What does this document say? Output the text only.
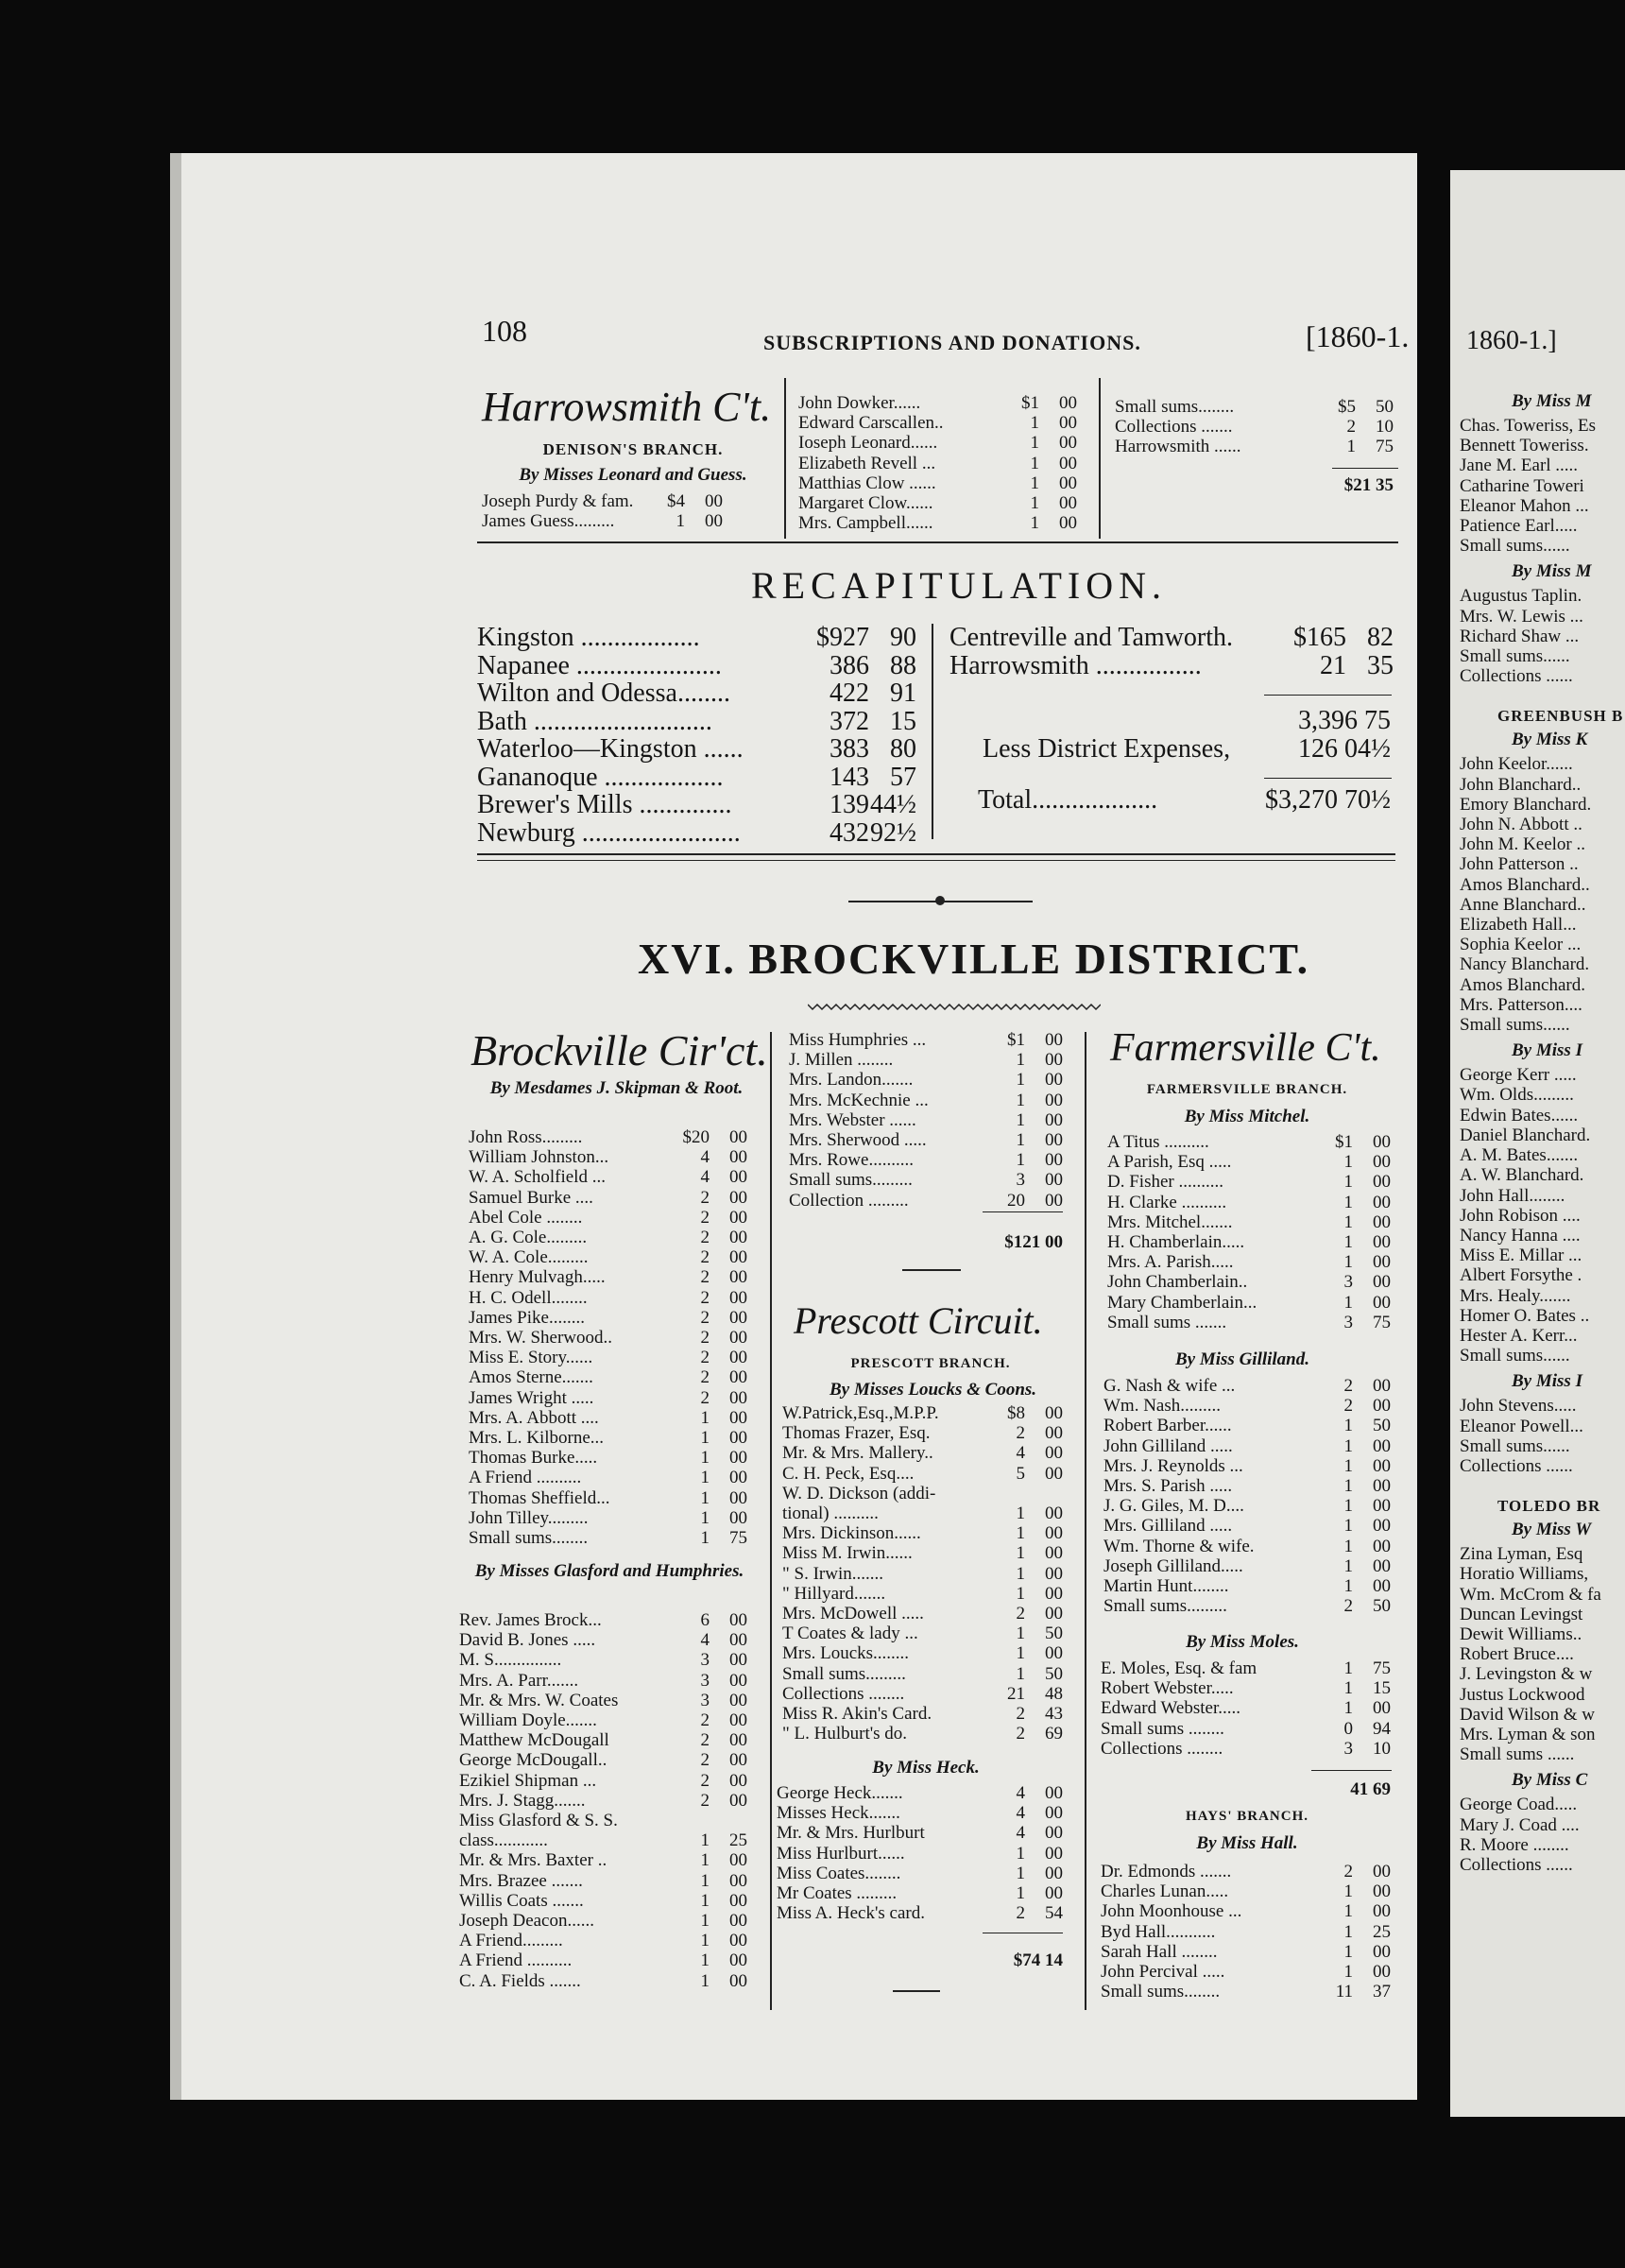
108	SUBSCRIPTIONS AND DONATIONS.	[1860-1.
Harrowsmith C't.
DENISON'S BRANCH.
By Misses Leonard and Guess.
Joseph Purdy & fam.	$4	00
James Guess.........	1	00
John Dowker......	$1	00
Edward Carscallen..	1	00
Ioseph Leonard......	1	00
Elizabeth Revell ...	1	00
Matthias Clow ......	1	00
Margaret Clow......	1	00
Mrs. Campbell......	1	00
Small sums........	$5	50
Collections .......	2	10
Harrowsmith ......	1	75
$21 35
RECAPITULATION.
Kingston ..................	$927 90
Napanee ......................	386 88
Wilton and Odessa........	422 91
Bath ...........................	372 15
Waterloo—Kingston ......	383 80
Gananoque ..................	143 57
Brewer's Mills ..............	139 44½
Newburg ........................	432 92½
Centreville and Tamworth.	$165 82
Harrowsmith ................	21 35
3,396 75
Less District Expenses,	126 04½
Total...................	$3,270 70½
XVI. BROCKVILLE DISTRICT.
Brockville Cir'ct.
By Mesdames J. Skipman & Root.
John Ross.........	$20	00
William Johnston...	4	00
W. A. Scholfield ...	4	00
Samuel Burke ....	2	00
Abel Cole ........	2	00
A. G. Cole.........	2	00
W. A. Cole.........	2	00
Henry Mulvagh.....	2	00
H. C. Odell........	2	00
James Pike........	2	00
Mrs. W. Sherwood..	2	00
Miss E. Story......	2	00
Amos Sterne.......	2	00
James Wright .....	2	00
Mrs. A. Abbott ....	1	00
Mrs. L. Kilborne...	1	00
Thomas Burke.....	1	00
A Friend ..........	1	00
Thomas Sheffield...	1	00
John Tilley.........	1	00
Small sums........	1	75
By Misses Glasford and Humphries.
Rev. James Brock...	6	00
David B. Jones .....	4	00
M. S...............	3	00
Mrs. A. Parr.......	3	00
Mr. & Mrs. W. Coates	3	00
William Doyle.......	2	00
Matthew McDougall	2	00
George McDougall..	2	00
Ezikiel Shipman ...	2	00
Mrs. J. Stagg.......	2	00
Miss Glasford & S. S.
class............	1	25
Mr. & Mrs. Baxter ..	1	00
Mrs. Brazee .......	1	00
Willis Coats .......	1	00
Joseph Deacon......	1	00
A Friend.........	1	00
A Friend ..........	1	00
C. A. Fields .......	1	00
Miss Humphries ...	$1	00
J. Millen ........	1	00
Mrs. Landon.......	1	00
Mrs. McKechnie ...	1	00
Mrs. Webster ......	1	00
Mrs. Sherwood .....	1	00
Mrs. Rowe..........	1	00
Small sums.........	3	00
Collection .........	20	00
$121 00
Prescott Circuit.
PRESCOTT BRANCH.
By Misses Loucks & Coons.
W.Patrick,Esq.,M.P.P.	$8	00
Thomas Frazer, Esq.	2	00
Mr. & Mrs. Mallery..	4	00
C. H. Peck, Esq....	5	00
W. D. Dickson (addi-
tional) ..........	1	00
Mrs. Dickinson......	1	00
Miss M. Irwin......	1	00
" S. Irwin.......	1	00
" Hillyard.......	1	00
Mrs. McDowell .....	2	00
T Coates & lady ...	1	50
Mrs. Loucks........	1	00
Small sums.........	1	50
Collections ........	21	48
Miss R. Akin's Card.	2	43
" L. Hulburt's do.	2	69
By Miss Heck.
George Heck.......	4	00
Misses Heck.......	4	00
Mr. & Mrs. Hurlburt	4	00
Miss Hurlburt......	1	00
Miss Coates........	1	00
Mr Coates .........	1	00
Miss A. Heck's card.	2	54
$74 14
Farmersville C't.
FARMERSVILLE BRANCH.
By Miss Mitchel.
A Titus ..........	$1	00
A Parish, Esq .....	1	00
D. Fisher ..........	1	00
H. Clarke ..........	1	00
Mrs. Mitchel.......	1	00
H. Chamberlain.....	1	00
Mrs. A. Parish.....	1	00
John Chamberlain..	3	00
Mary Chamberlain...	1	00
Small sums .......	3	75
By Miss Gilliland.
G. Nash & wife ...	2	00
Wm. Nash.........	2	00
Robert Barber......	1	50
John Gilliland .....	1	00
Mrs. J. Reynolds ...	1	00
Mrs. S. Parish .....	1	00
J. G. Giles, M. D....	1	00
Mrs. Gilliland .....	1	00
Wm. Thorne & wife.	1	00
Joseph Gilliland.....	1	00
Martin Hunt........	1	00
Small sums.........	2	50
By Miss Moles.
E. Moles, Esq. & fam	1	75
Robert Webster.....	1	15
Edward Webster.....	1	00
Small sums ........	0	94
Collections ........	3	10
41 69
HAYS' BRANCH.
By Miss Hall.
Dr. Edmonds .......	2	00
Charles Lunan.....	1	00
John Moonhouse ...	1	00
Byd Hall...........	1	25
Sarah Hall ........	1	00
John Percival .....	1	00
Small sums........	11	37
1860-1.]
By Miss M
Chas. Toweriss, Es
Bennett Toweriss.
Jane M. Earl .....
Catharine Toweri
Eleanor Mahon ...
Patience Earl.....
Small sums......
By Miss M
Augustus Taplin.
Mrs. W. Lewis ...
Richard Shaw ...
Small sums......
Collections ......
GREENBUSH B
By Miss K
John Keelor......
John Blanchard..
Emory Blanchard.
John N. Abbott ..
John M. Keelor ..
John Patterson ..
Amos Blanchard..
Anne Blanchard..
Elizabeth Hall...
Sophia Keelor ...
Nancy Blanchard.
Amos Blanchard.
Mrs. Patterson....
Small sums......
By Miss I
George Kerr .....
Wm. Olds.........
Edwin Bates......
Daniel Blanchard.
A. M. Bates.......
A. W. Blanchard.
John Hall........
John Robison ....
Nancy Hanna ....
Miss E. Millar ...
Albert Forsythe .
Mrs. Healy.......
Homer O. Bates ..
Hester A. Kerr...
Small sums......
By Miss I
John Stevens.....
Eleanor Powell...
Small sums......
Collections ......
TOLEDO BR
By Miss W
Zina Lyman, Esq
Horatio Williams,
Wm. McCrom & fa
Duncan Levingst
Dewit Williams..
Robert Bruce....
J. Levingston & w
Justus Lockwood
David Wilson & w
Mrs. Lyman & son
Small sums ......
By Miss C
George Coad.....
Mary J. Coad ....
R. Moore ........
Collections ......
